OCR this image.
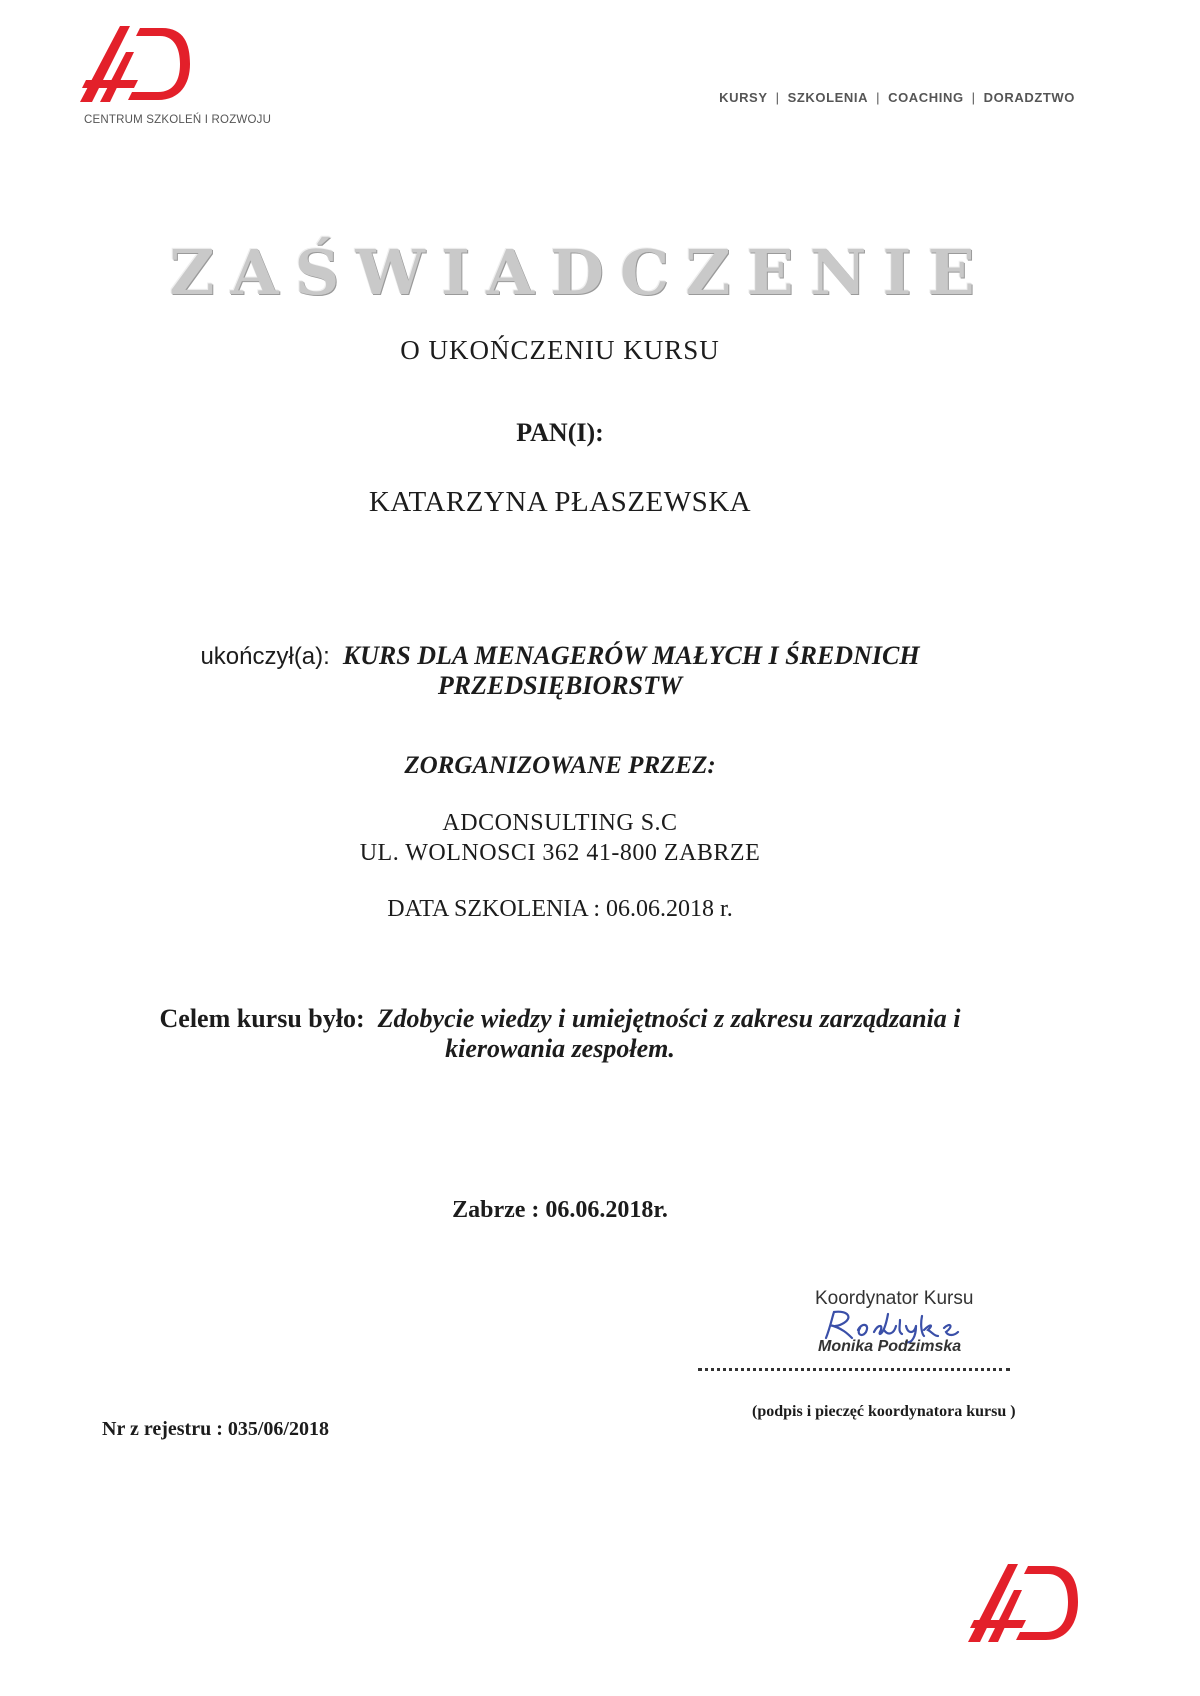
CENTRUM SZKOLEŃ I ROZWOJU
KURSY | SZKOLENIA | COACHING | DORADZTWO
ZAŚWIADCZENIE
O UKOŃCZENIU KURSU
PAN(I):
KATARZYNA PŁASZEWSKA
ukończył(a): KURS DLA MENAGERÓW MAŁYCH I ŚREDNICH
PRZEDSIĘBIORSTW
ZORGANIZOWANE PRZEZ:
ADCONSULTING S.C
UL. WOLNOSCI 362 41-800 ZABRZE
DATA SZKOLENIA : 06.06.2018 r.
Celem kursu było: Zdobycie wiedzy i umiejętności z zakresu zarządzania i
kierowania zespołem.
Zabrze : 06.06.2018r.
Koordynator Kursu
Monika Podzimska
(podpis i pieczęć koordynatora kursu )
Nr z rejestru : 035/06/2018
